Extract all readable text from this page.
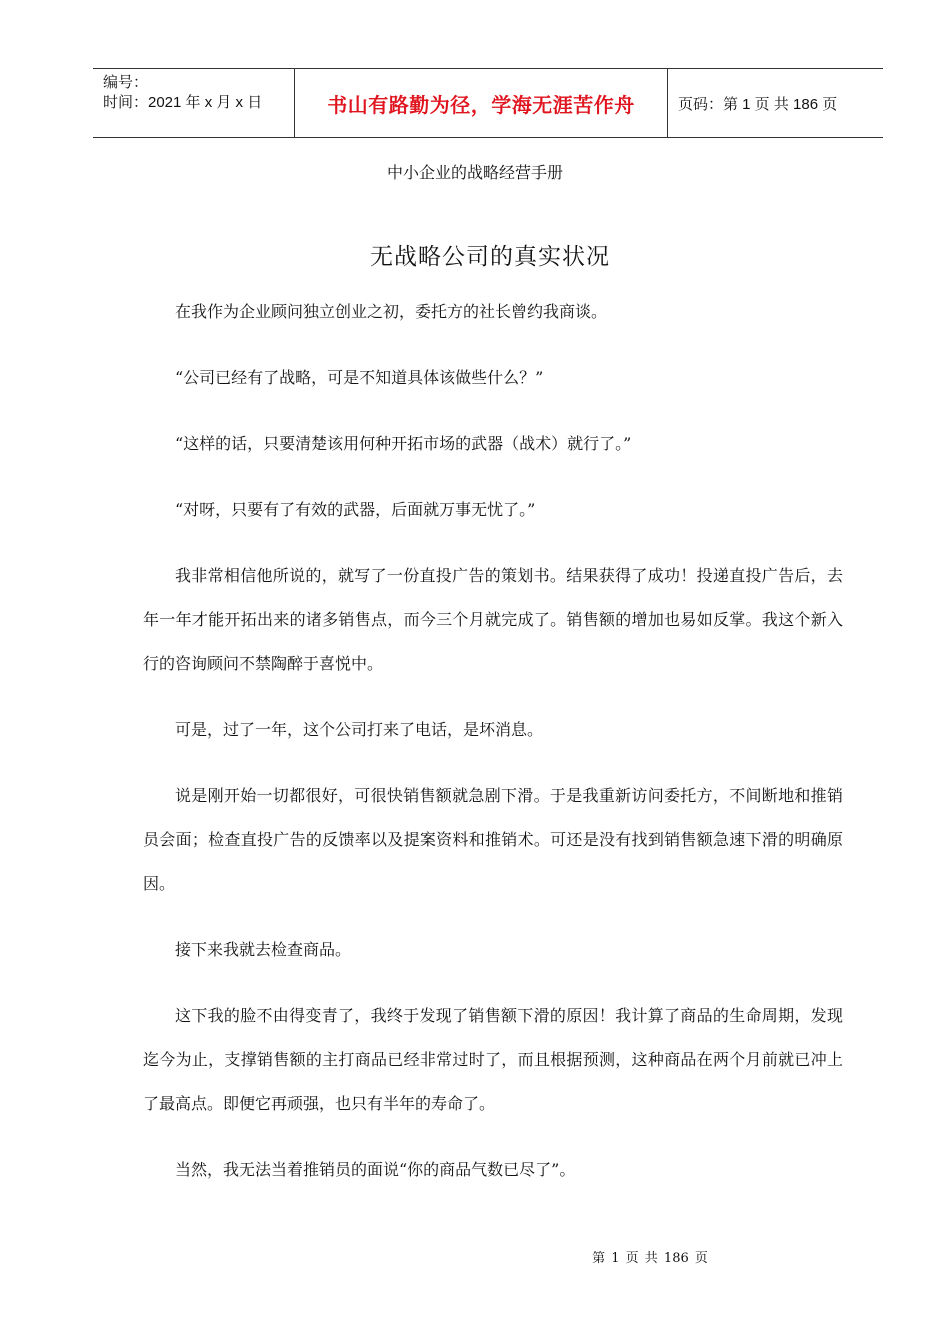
编号：
时间：2021 年 x 月 x 日	书山有路勤为径，学海无涯苦作舟	页码：第 1 页 共 186 页
中小企业的战略经营手册
无战略公司的真实状况

在我作为企业顾问独立创业之初，委托方的社长曾约我商谈。

“公司已经有了战略，可是不知道具体该做些什么？”

“这样的话，只要清楚该用何种开拓市场的武器（战术）就行了。”

“对呀，只要有了有效的武器，后面就万事无忧了。”

我非常相信他所说的，就写了一份直投广告的策划书。结果获得了成功！投递直投广告后，去年一年才能开拓出来的诸多销售点，而今三个月就完成了。销售额的增加也易如反掌。我这个新入行的咨询顾问不禁陶醉于喜悦中。

可是，过了一年，这个公司打来了电话，是坏消息。

说是刚开始一切都很好，可很快销售额就急剧下滑。于是我重新访问委托方，不间断地和推销员会面；检查直投广告的反馈率以及提案资料和推销术。可还是没有找到销售额急速下滑的明确原因。

接下来我就去检查商品。

这下我的脸不由得变青了，我终于发现了销售额下滑的原因！我计算了商品的生命周期，发现迄今为止，支撑销售额的主打商品已经非常过时了，而且根据预测，这种商品在两个月前就已冲上了最高点。即便它再顽强，也只有半年的寿命了。

当然，我无法当着推销员的面说“你的商品气数已尽了”。

第 1 页 共 186 页
